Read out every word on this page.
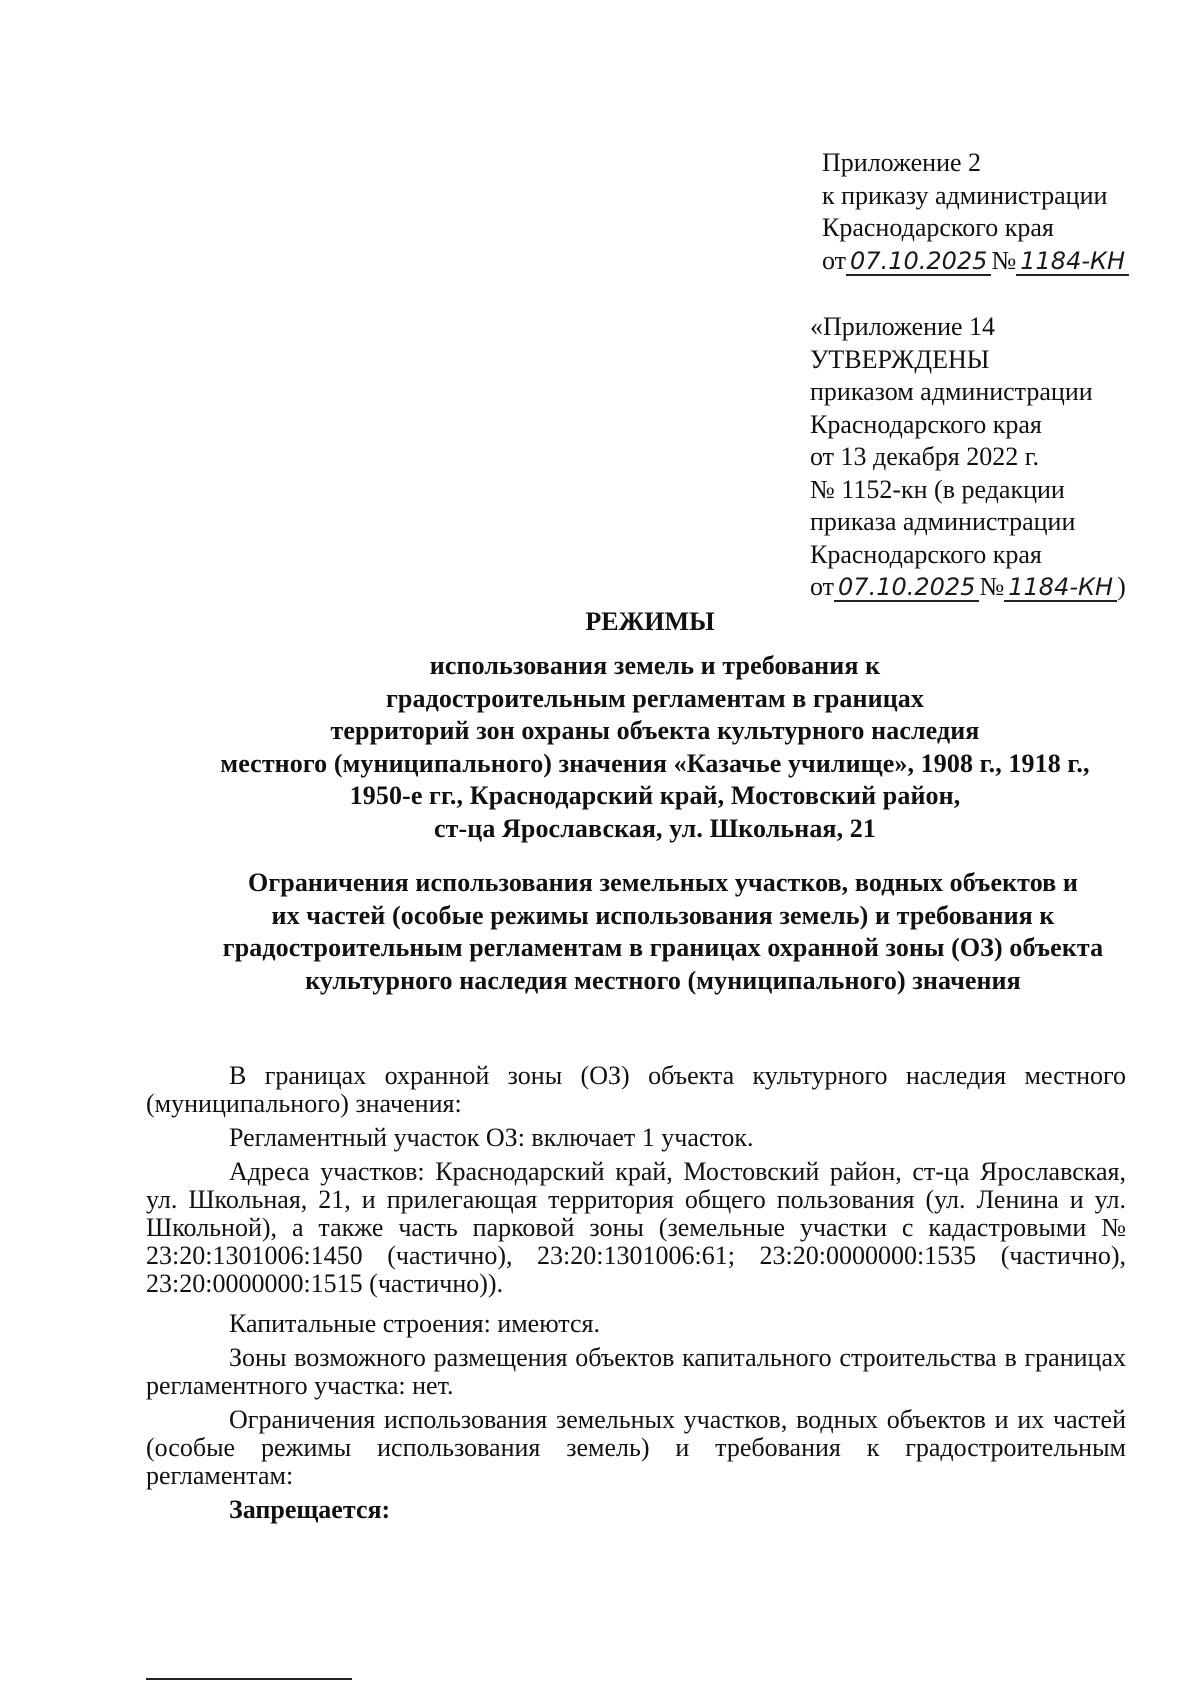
Приложение 2
к приказу администрации
Краснодарского края
от 07.10.2025 № 1184-КН
«Приложение 14
УТВЕРЖДЕНЫ
приказом администрации
Краснодарского края
от 13 декабря 2022 г.
№ 1152-кн (в редакции
приказа администрации
Краснодарского края
от 07.10.2025 № 1184-КН )
РЕЖИМЫ
использования земель и требования к
градостроительным регламентам в границах
территорий зон охраны объекта культурного наследия
местного (муниципального) значения «Казачье училище», 1908 г., 1918 г.,
1950-е гг., Краснодарский край, Мостовский район,
ст-ца Ярославская, ул. Школьная, 21
Ограничения использования земельных участков, водных объектов и
их частей (особые режимы использования земель) и требования к
градостроительным регламентам в границах охранной зоны (ОЗ) объекта
культурного наследия местного (муниципального) значения

В границах охранной зоны (ОЗ) объекта культурного наследия местного (муниципального) значения:

Регламентный участок ОЗ: включает 1 участок.

Адреса участков: Краснодарский край, Мостовский район, ст-ца Ярославская, ул. Школьная, 21, и прилегающая территория общего пользования (ул. Ленина и ул. Школьной), а также часть парковой зоны (земельные участки с кадастровыми № 23:20:1301006:1450 (частично), 23:20:1301006:61; 23:20:0000000:1535 (частично), 23:20:0000000:1515 (частично)).

Капитальные строения: имеются.

Зоны возможного размещения объектов капитального строительства в границах регламентного участка: нет.

Ограничения использования земельных участков, водных объектов и их частей (особые режимы использования земель) и требования к градостроительным регламентам:

Запрещается:
